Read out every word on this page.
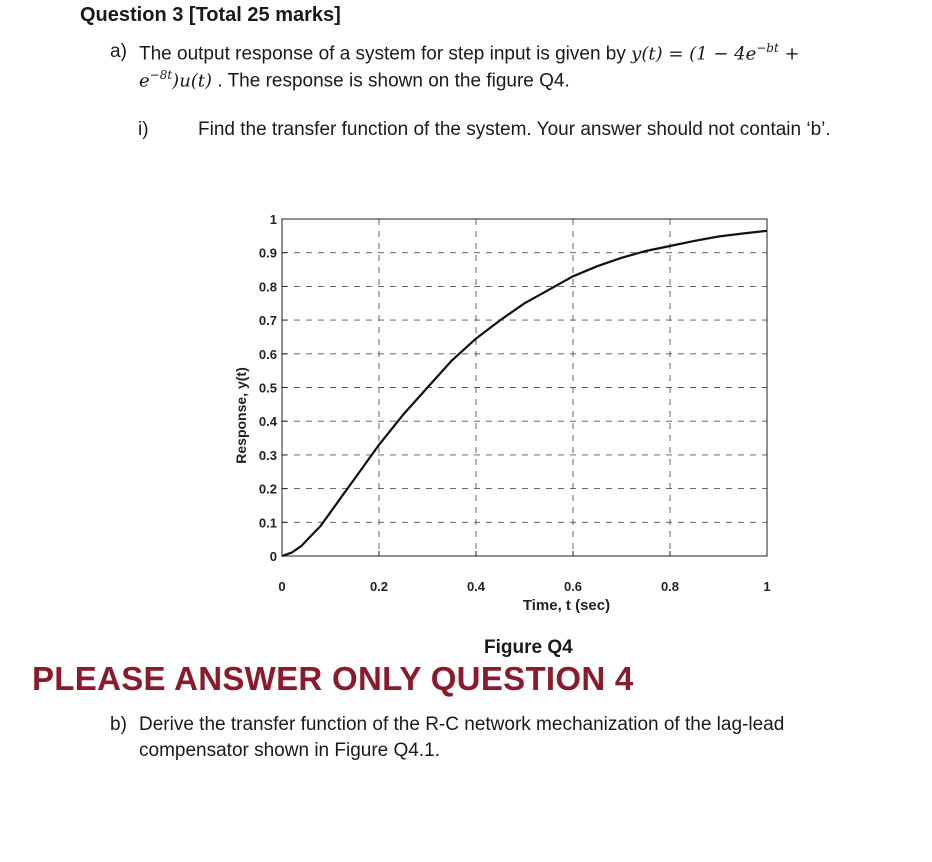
Question 3 [Total 25 marks]
a) The output response of a system for step input is given by $y(t) = (1 - 4e^{-bt}$ +
$e^{-8t})u(t)$ . The response is shown on the figure Q4.
i)	Find the transfer function of the system. Your answer should not contain ‘b’.
0	0.2	0.4	0.6	0.8	1
0
0.1
0.2
0.3
0.4
0.5
0.6
0.7
0.8
0.9
1
Time, t (sec)
Response, y(t)
Figure Q4
PLEASE ANSWER ONLY QUESTION 4
b) Derive the transfer function of the R-C network mechanization of the lag-lead
compensator shown in Figure Q4.1.
